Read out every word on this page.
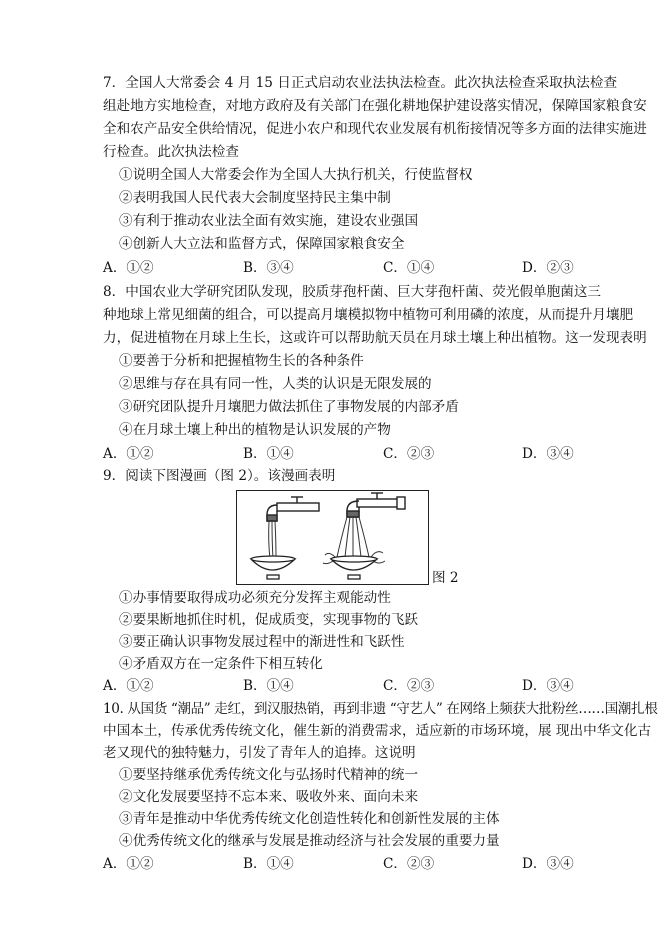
7．全国人大常委会 4 月 15 日正式启动农业法执法检查。此次执法检查采取执法检查
组赴地方实地检查，对地方政府及有关部门在强化耕地保护建设落实情况，保障国家粮食安
全和农产品安全供给情况，促进小农户和现代农业发展有机衔接情况等多方面的法律实施进
行检查。此次执法检查
①说明全国人大常委会作为全国人大执行机关，行使监督权
②表明我国人民代表大会制度坚持民主集中制
③有利于推动农业法全面有效实施，建设农业强国
④创新人大立法和监督方式，保障国家粮食安全
A．①②	B．③④	C．①④	D．②③
8．中国农业大学研究团队发现，胶质芽孢杆菌、巨大芽孢杆菌、荧光假单胞菌这三
种地球上常见细菌的组合，可以提高月壤模拟物中植物可利用磷的浓度，从而提升月壤肥
力，促进植物在月球上生长，这或许可以帮助航天员在月球土壤上种出植物。这一发现表明
①要善于分析和把握植物生长的各种条件
②思维与存在具有同一性，人类的认识是无限发展的
③研究团队提升月壤肥力做法抓住了事物发展的内部矛盾
④在月球土壤上种出的植物是认识发展的产物
A．①②	B．①④	C．②③	D．③④
9．阅读下图漫画（图 2）。该漫画表明
图 2
①办事情要取得成功必须充分发挥主观能动性
②要果断地抓住时机，促成质变，实现事物的飞跃
③要正确认识事物发展过程中的渐进性和飞跃性
④矛盾双方在一定条件下相互转化
A．①②	B．①④	C．②③	D．③④
10. 从国货 “潮品” 走红，到汉服热销，再到非遗 “守艺人” 在网络上频获大批粉丝……国潮扎根
中国本土，传承优秀传统文化，催生新的消费需求，适应新的市场环境，展 现出中华文化古
老又现代的独特魅力，引发了青年人的追捧。这说明
①要坚持继承优秀传统文化与弘扬时代精神的统一
②文化发展要坚持不忘本来、吸收外来、面向未来
③青年是推动中华优秀传统文化创造性转化和创新性发展的主体
④优秀传统文化的继承与发展是推动经济与社会发展的重要力量
A．①②	B．①④	C．②③	D．③④
